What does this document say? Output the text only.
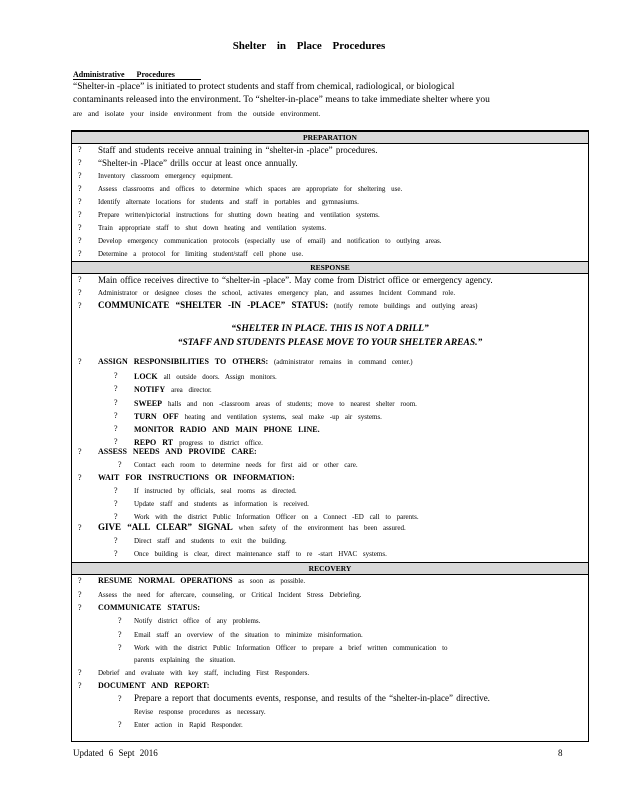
Shelter in Place Procedures
Administrative Procedures
“Shelter-in -place” is initiated to protect students and staff from chemical, radiological, or biological
contaminants released into the environment. To “shelter-in-place” means to take immediate shelter where you
are and isolate your inside environment from the outside environment.
PREPARATION
RESPONSE
? Main office receives directive to “shelter-in -place”. May come from District office or emergency agency.
? Administrator or designee closes the school, activates emergency plan, and assumes Incident Command role.
? COMMUNICATE “SHELTER -IN -PLACE” STATUS: (notify remote buildings and outlying areas)
“SHELTER IN PLACE. THIS IS NOT A DRILL”
“STAFF AND STUDENTS PLEASE MOVE TO YOUR SHELTER AREAS.”
? ASSIGN RESPONSIBILITIES TO OTHERS: (administrator remains in command center.)
? ASSESS NEEDS AND PROVIDE CARE:
? Contact each room to determine needs for first aid or other care.
? WAIT FOR INSTRUCTIONS OR INFORMATION:
? GIVE “ALL CLEAR” SIGNAL when safety of the environment has been assured.
RECOVERY
? RESUME NORMAL OPERATIONS as soon as possible.
? Assess the need for aftercare, counseling, or Critical Incident Stress Debriefing.
? COMMUNICATE STATUS:
? Notify district office of any problems.
? Email staff an overview of the situation to minimize misinformation.
? Work with the district Public Information Officer to prepare a brief written communication to
parents explaining the situation.
? Debrief and evaluate with key staff, including First Responders.
? DOCUMENT AND REPORT:
? Prepare a report that documents events, response, and results of the “shelter-in-place” directive.
Revise response procedures as necessary.
? Enter action in Rapid Responder.
? Staff and students receive annual training in “shelter-in -place” procedures.
? “Shelter-in -Place” drills occur at least once annually.
? Inventory classroom emergency equipment.
? Assess classrooms and offices to determine which spaces are appropriate for sheltering use.
? Identify alternate locations for students and staff in portables and gymnasiums.
? Prepare written/pictorial instructions for shutting down heating and ventilation systems.
? Train appropriate staff to shut down heating and ventilation systems.
? Develop emergency communication protocols (especially use of email) and notification to outlying areas.
? Determine a protocol for limiting student/staff cell phone use.
? LOCK all outside doors. Assign monitors.
? NOTIFY area director.
? SWEEP halls and non -classroom areas of students; move to nearest shelter room.
? TURN OFF heating and ventilation systems, seal make -up air systems.
? MONITOR RADIO AND MAIN PHONE LINE.
? REPO RT progress to district office.
? If instructed by officials, seal rooms as directed.
? Update staff and students as information is received.
? Work with the district Public Information Officer on a Connect -ED call to parents.
? Direct staff and students to exit the building.
? Once building is clear, direct maintenance staff to re -start HVAC systems.
Updated 6 Sept 2016	8
